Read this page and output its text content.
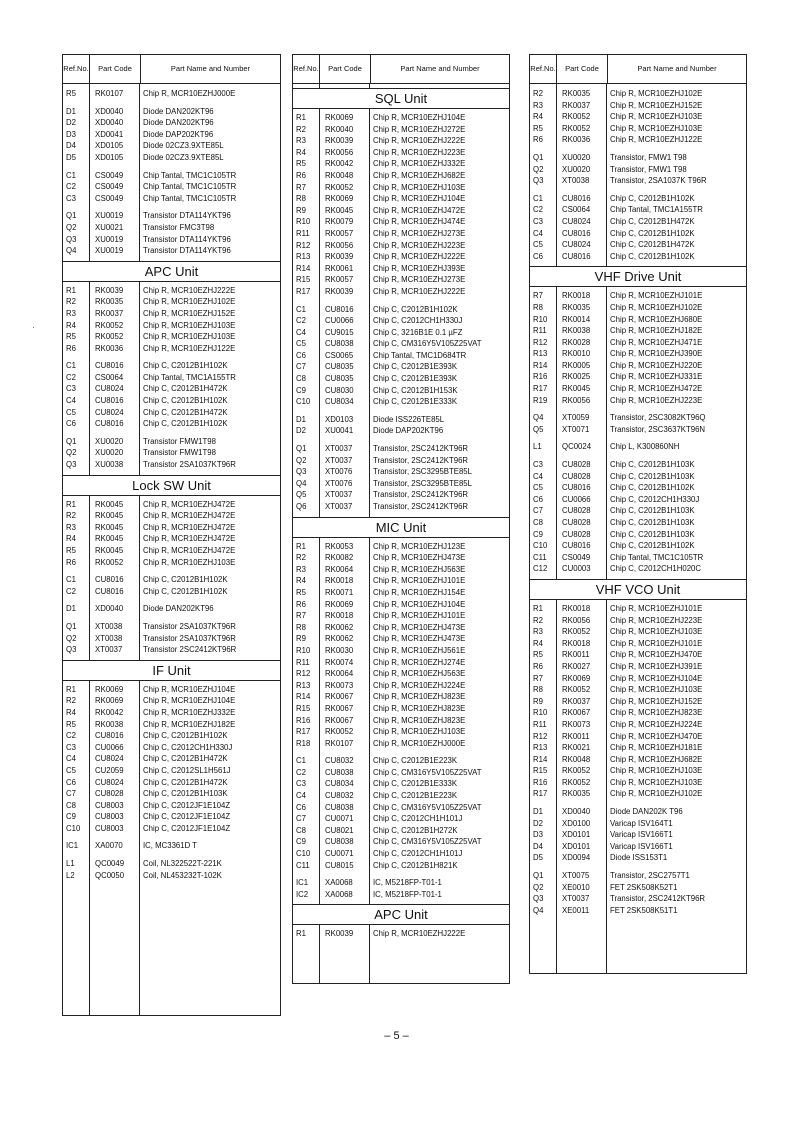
Ref. No.	Part Code	Part Name and Number
R5	RK0107	Chip R, MCR10EZHJ000E
D1	XD0040	Diode DAN202KT96
D2	XD0040	Diode DAN202KT96
D3	XD0041	Diode DAP202KT96
D4	XD0105	Diode 02CZ3.9XTE85L
D5	XD0105	Diode 02CZ3.9XTE85L
C1	CS0049	Chip Tantal, TMC1C105TR
C2	CS0049	Chip Tantal, TMC1C105TR
C3	CS0049	Chip Tantal, TMC1C105TR
Q1	XU0019	Transistor DTA114YKT96
Q2	XU0021	Transistor FMC3T98
Q3	XU0019	Transistor DTA114YKT96
Q4	XU0019	Transistor DTA114YKT96
APC Unit
R1	RK0039	Chip R, MCR10EZHJ222E
R2	RK0035	Chip R, MCR10EZHJ102E
R3	RK0037	Chip R, MCR10EZHJ152E
R4	RK0052	Chip R, MCR10EZHJ103E
R5	RK0052	Chip R, MCR10EZHJ103E
R6	RK0036	Chip R, MCR10EZHJ122E
C1	CU8016	Chip C, C2012B1H102K
C2	CS0064	Chip Tantal, TMC1A155TR
C3	CU8024	Chip C, C2012B1H472K
C4	CU8016	Chip C, C2012B1H102K
C5	CU8024	Chip C, C2012B1H472K
C6	CU8016	Chip C, C2012B1H102K
Q1	XU0020	Transistor FMW1T98
Q2	XU0020	Transistor FMW1T98
Q3	XU0038	Transistor 2SA1037KT96R
Lock SW Unit
R1	RK0045	Chip R, MCR10EZHJ472E
R2	RK0045	Chip R, MCR10EZHJ472E
R3	RK0045	Chip R, MCR10EZHJ472E
R4	RK0045	Chip R, MCR10EZHJ472E
R5	RK0045	Chip R, MCR10EZHJ472E
R6	RK0052	Chip R, MCR10EZHJ103E
C1	CU8016	Chip C, C2012B1H102K
C2	CU8016	Chip C, C2012B1H102K
D1	XD0040	Diode DAN202KT96
Q1	XT0038	Transistor 2SA1037KT96R
Q2	XT0038	Transistor 2SA1037KT96R
Q3	XT0037	Transistor 2SC2412KT96R
IF Unit
R1	RK0069	Chip R, MCR10EZHJ104E
R2	RK0069	Chip R, MCR10EZHJ104E
R4	RK0042	Chip R, MCR10EZHJ332E
R5	RK0038	Chip R, MCR10EZHJ182E
C2	CU8016	Chip C, C2012B1H102K
C3	CU0066	Chip C, C2012CH1H330J
C4	CU8024	Chip C, C2012B1H472K
C5	CU2059	Chip C, C2012SL1H561J
C6	CU8024	Chip C, C2012B1H472K
C7	CU8028	Chip C, C2012B1H103K
C8	CU8003	Chip C, C2012JF1E104Z
C9	CU8003	Chip C, C2012JF1E104Z
C10	CU8003	Chip C, C2012JF1E104Z
IC1	XA0070	IC, MC3361D T
L1	QC0049	Coil, NL322522T-221K
L2	QC0050	Coil, NL453232T-102K
Ref. No.	Part Code	Part Name and Number
SQL Unit
R1	RK0069	Chip R, MCR10EZHJ104E
R2	RK0040	Chip R, MCR10EZHJ272E
R3	RK0039	Chip R, MCR10EZHJ222E
R4	RK0056	Chip R, MCR10EZHJ223E
R5	RK0042	Chip R, MCR10EZHJ332E
R6	RK0048	Chip R, MCR10EZHJ682E
R7	RK0052	Chip R, MCR10EZHJ103E
R8	RK0069	Chip R, MCR10EZHJ104E
R9	RK0045	Chip R, MCR10EZHJ472E
R10	RK0079	Chip R, MCR10EZHJ474E
R11	RK0057	Chip R, MCR10EZHJ273E
R12	RK0056	Chip R, MCR10EZHJ223E
R13	RK0039	Chip R, MCR10EZHJ222E
R14	RK0061	Chip R, MCR10EZHJ393E
R15	RK0057	Chip R, MCR10EZHJ273E
R17	RK0039	Chip R, MCR10EZHJ222E
C1	CU8016	Chip C, C2012B1H102K
C2	CU0066	Chip C, C2012CH1H330J
C4	CU9015	Chip C, 3216B1E 0.1 µFZ
C5	CU8038	Chip C, CM316Y5V105Z25VAT
C6	CS0065	Chip Tantal, TMC1D684TR
C7	CU8035	Chip C, C2012B1E393K
C8	CU8035	Chip C, C2012B1E393K
C9	CU8030	Chip C, C2012B1H153K
C10	CU8034	Chip C, C2012B1E333K
D1	XD0103	Diode ISS226TE85L
D2	XU0041	Diode DAP202KT96
Q1	XT0037	Transistor, 2SC2412KT96R
Q2	XT0037	Transistor, 2SC2412KT96R
Q3	XT0076	Transistor, 2SC3295BTE85L
Q4	XT0076	Transistor, 2SC3295BTE85L
Q5	XT0037	Transistor, 2SC2412KT96R
Q6	XT0037	Transistor, 2SC2412KT96R
MIC Unit
R1	RK0053	Chip R, MCR10EZHJ123E
R2	RK0082	Chip R, MCR10EZHJ473E
R3	RK0064	Chip R, MCR10EZHJ563E
R4	RK0018	Chip R, MCR10EZHJ101E
R5	RK0071	Chip R, MCR10EZHJ154E
R6	RK0069	Chip R, MCR10EZHJ104E
R7	RK0018	Chip R, MCR10EZHJ101E
R8	RK0062	Chip R, MCR10EZHJ473E
R9	RK0062	Chip R, MCR10EZHJ473E
R10	RK0030	Chip R, MCR10EZHJ561E
R11	RK0074	Chip R, MCR10EZHJ274E
R12	RK0064	Chip R, MCR10EZHJ563E
R13	RK0073	Chip R, MCR10EZHJ224E
R14	RK0067	Chip R, MCR10EZHJ823E
R15	RK0067	Chip R, MCR10EZHJ823E
R16	RK0067	Chip R, MCR10EZHJ823E
R17	RK0052	Chip R, MCR10EZHJ103E
R18	RK0107	Chip R, MCR10EZHJ000E
C1	CU8032	Chip C, C2012B1E223K
C2	CU8038	Chip C, CM316Y5V105Z25VAT
C3	CU8034	Chip C, C2012B1E333K
C4	CU8032	Chip C, C2012B1E223K
C6	CU8038	Chip C, CM316Y5V105Z25VAT
C7	CU0071	Chip C, C2012CH1H101J
C8	CU8021	Chip C, C2012B1H272K
C9	CU8038	Chip C, CM316Y5V105Z25VAT
C10	CU0071	Chip C, C2012CH1H101J
C11	CU8015	Chip C, C2012B1H821K
IC1	XA0068	IC, M5218FP-T01-1
IC2	XA0068	IC, M5218FP-T01-1
APC Unit
R1	RK0039	Chip R, MCR10EZHJ222E
Ref. No.	Part Code	Part Name and Number
R2	RK0035	Chip R, MCR10EZHJ102E
R3	RK0037	Chip R, MCR10EZHJ152E
R4	RK0052	Chip R, MCR10EZHJ103E
R5	RK0052	Chip R, MCR10EZHJ103E
R6	RK0036	Chip R, MCR10EZHJ122E
Q1	XU0020	Transistor, FMW1 T98
Q2	XU0020	Transistor, FMW1 T98
Q3	XT0038	Transistor, 2SA1037K T96R
C1	CU8016	Chip C, C2012B1H102K
C2	CS0064	Chip Tantal, TMC1A155TR
C3	CU8024	Chip C, C2012B1H472K
C4	CU8016	Chip C, C2012B1H102K
C5	CU8024	Chip C, C2012B1H472K
C6	CU8016	Chip C, C2012B1H102K
VHF Drive Unit
R7	RK0018	Chip R, MCR10EZHJ101E
R8	RK0035	Chip R, MCR10EZHJ102E
R10	RK0014	Chip R, MCR10EZHJ680E
R11	RK0038	Chip R, MCR10EZHJ182E
R12	RK0028	Chip R, MCR10EZHJ471E
R13	RK0010	Chip R, MCR10EZHJ390E
R14	RK0005	Chip R, MCR10EZHJ220E
R16	RK0025	Chip R, MCR10EZHJ331E
R17	RK0045	Chip R, MCR10EZHJ472E
R19	RK0056	Chip R, MCR10EZHJ223E
Q4	XT0059	Transistor, 2SC3082KT96Q
Q5	XT0071	Transistor, 2SC3637KT96N
L1	QC0024	Chip L, K300860NH
C3	CU8028	Chip C, C2012B1H103K
C4	CU8028	Chip C, C2012B1H103K
C5	CU8016	Chip C, C2012B1H102K
C6	CU0066	Chip C, C2012CH1H330J
C7	CU8028	Chip C, C2012B1H103K
C8	CU8028	Chip C, C2012B1H103K
C9	CU8028	Chip C, C2012B1H103K
C10	CU8016	Chip C, C2012B1H102K
C11	CS0049	Chip Tantal, TMC1C105TR
C12	CU0003	Chip C, C2012CH1H020C
VHF VCO Unit
R1	RK0018	Chip R, MCR10EZHJ101E
R2	RK0056	Chip R, MCR10EZHJ223E
R3	RK0052	Chip R, MCR10EZHJ103E
R4	RK0018	Chip R, MCR10EZHJ101E
R5	RK0011	Chip R, MCR10EZHJ470E
R6	RK0027	Chip R, MCR10EZHJ391E
R7	RK0069	Chip R, MCR10EZHJ104E
R8	RK0052	Chip R, MCR10EZHJ103E
R9	RK0037	Chip R, MCR10EZHJ152E
R10	RK0067	Chip R, MCR10EZHJ823E
R11	RK0073	Chip R, MCR10EZHJ224E
R12	RK0011	Chip R, MCR10EZHJ470E
R13	RK0021	Chip R, MCR10EZHJ181E
R14	RK0048	Chip R, MCR10EZHJ682E
R15	RK0052	Chip R, MCR10EZHJ103E
R16	RK0052	Chip R, MCR10EZHJ103E
R17	RK0035	Chip R, MCR10EZHJ102E
D1	XD0040	Diode DAN202K T96
D2	XD0100	Varicap ISV164T1
D3	XD0101	Varicap ISV166T1
D4	XD0101	Varicap ISV166T1
D5	XD0094	Diode ISS153T1
Q1	XT0075	Transistor, 2SC2757T1
Q2	XE0010	FET 2SK508K52T1
Q3	XT0037	Transistor, 2SC2412KT96R
Q4	XE0011	FET 2SK508K51T1
– 5 –
·
